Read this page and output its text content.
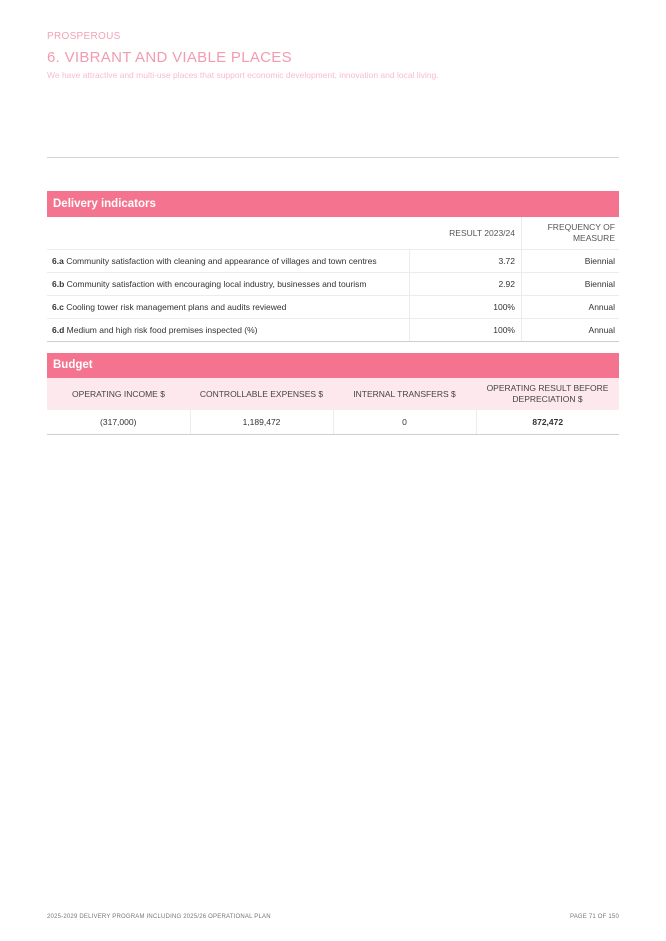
PROSPEROUS
6. VIBRANT AND VIABLE PLACES
We have attractive and multi-use places that support economic development, innovation and local living.
Delivery indicators
	RESULT 2023/24	FREQUENCY OF
MEASURE
6.a Community satisfaction with cleaning and appearance of villages and town centres	3.72	Biennial
6.b Community satisfaction with encouraging local industry, businesses and tourism	2.92	Biennial
6.c Cooling tower risk management plans and audits reviewed	100%	Annual
6.d Medium and high risk food premises inspected (%)	100%	Annual
Budget
OPERATING INCOME $	CONTROLLABLE EXPENSES $	INTERNAL TRANSFERS $	OPERATING RESULT BEFORE DEPRECIATION $
(317,000)	1,189,472	0	872,472
2025-2029 DELIVERY PROGRAM INCLUDING 2025/26 OPERATIONAL PLAN	PAGE 71 OF 150
